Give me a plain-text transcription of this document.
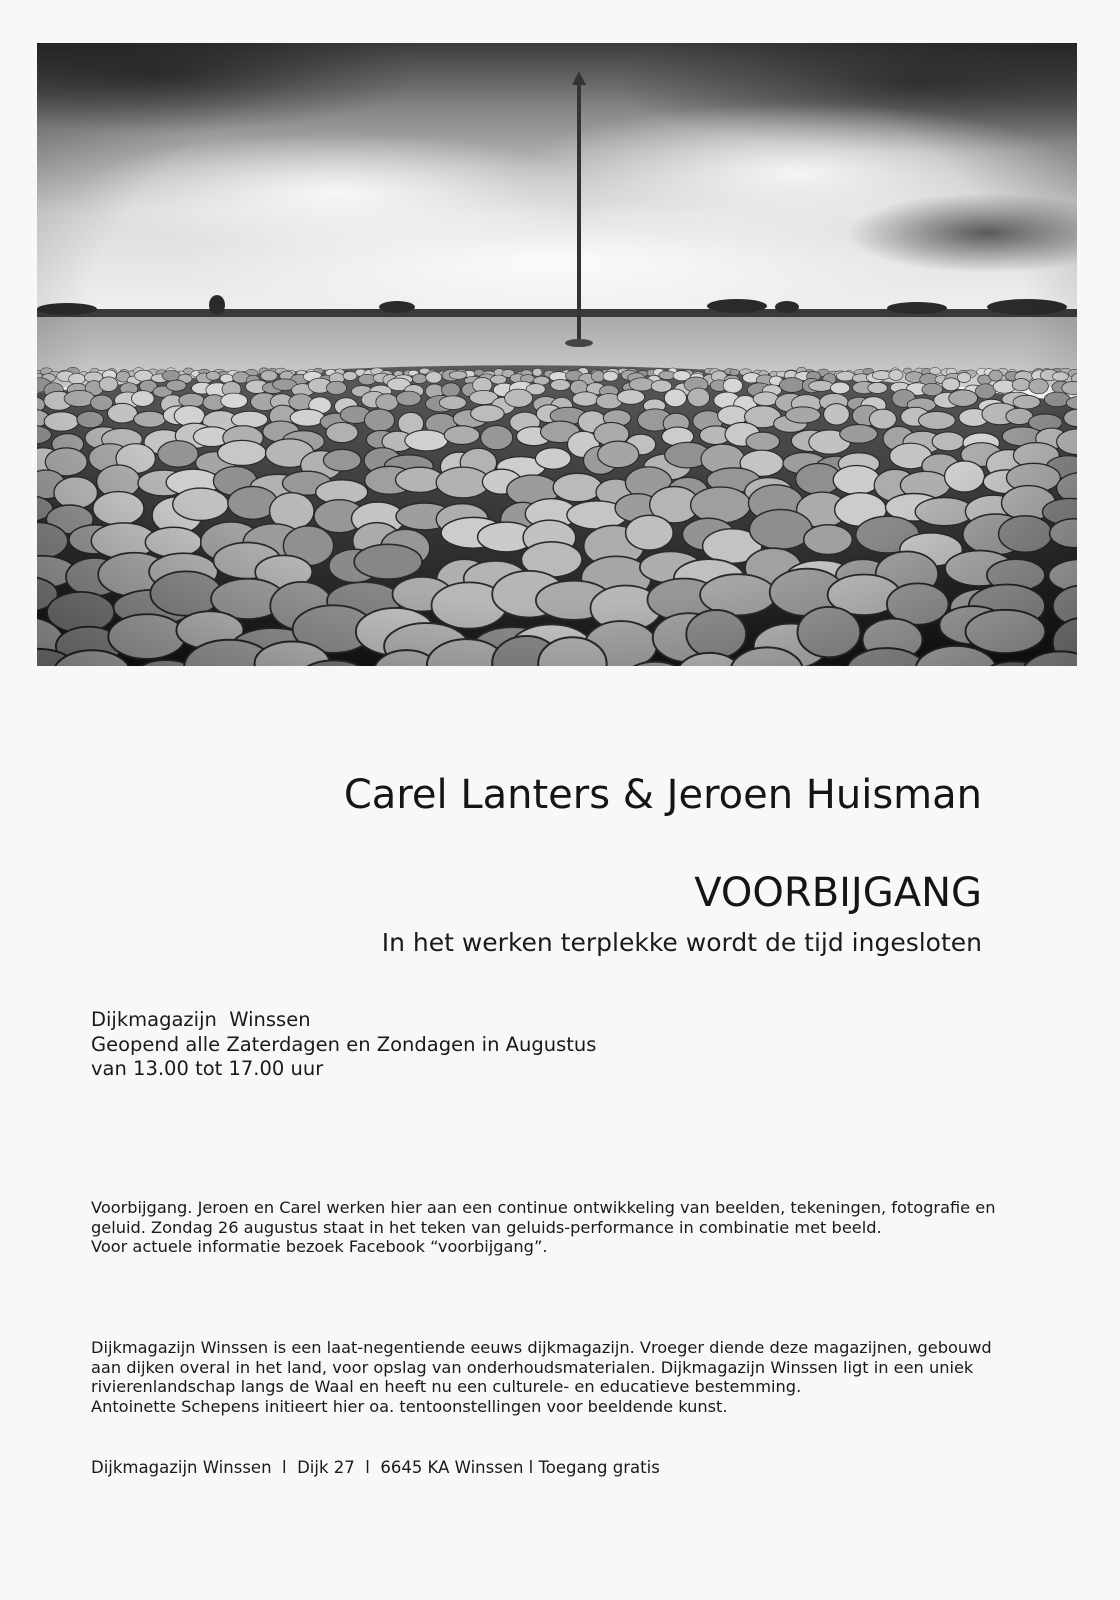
Carel Lanters & Jeroen Huisman
VOORBIJGANG
In het werken terplekke wordt de tijd ingesloten
Dijkmagazijn  Winssen
Geopend alle Zaterdagen en Zondagen in Augustus
van 13.00 tot 17.00 uur
Voorbijgang. Jeroen en Carel werken hier aan een continue ontwikkeling van beelden, tekeningen, fotografie en
geluid. Zondag 26 augustus staat in het teken van geluids-performance in combinatie met beeld.
Voor actuele informatie bezoek Facebook “voorbijgang”.
Dijkmagazijn Winssen is een laat-negentiende eeuws dijkmagazijn. Vroeger diende deze magazijnen, gebouwd
aan dijken overal in het land, voor opslag van onderhoudsmaterialen. Dijkmagazijn Winssen ligt in een uniek
rivierenlandschap langs de Waal en heeft nu een culturele- en educatieve bestemming.
Antoinette Schepens initieert hier oa. tentoonstellingen voor beeldende kunst.
Dijkmagazijn Winssen  l  Dijk 27  l  6645 KA Winssen l Toegang gratis
